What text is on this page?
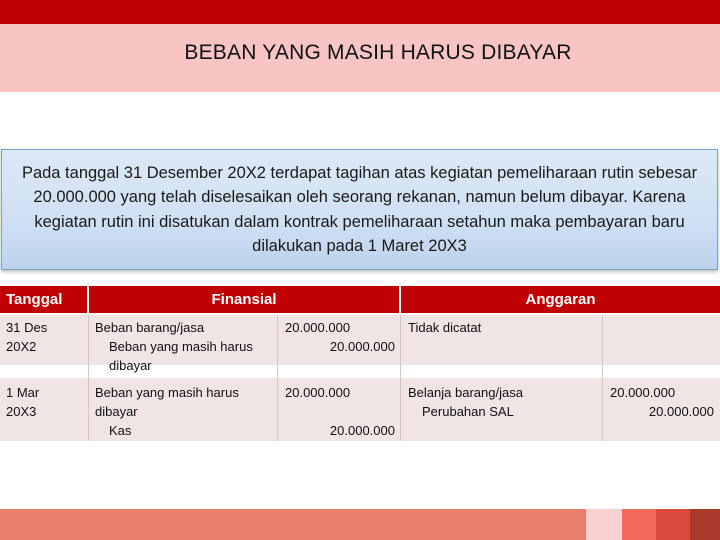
BEBAN YANG MASIH HARUS DIBAYAR
Pada tanggal 31 Desember 20X2 terdapat tagihan atas kegiatan pemeliharaan rutin sebesar 20.000.000 yang telah diselesaikan oleh seorang rekanan, namun belum dibayar. Karena kegiatan rutin ini disatukan dalam kontrak pemeliharaan setahun maka pembayaran baru dilakukan pada 1 Maret 20X3
Tanggal	Finansial	Anggaran
31 Des
20X2
Beban barang/jasa

Beban yang masih harus
dibayar
20.000.000
20.000.000
Tidak dicatat
1 Mar
20X3
Beban yang masih harus
dibayar
Kas
20.000.000
20.000.000
Belanja barang/jasa

Perubahan SAL
20.000.000
20.000.000
